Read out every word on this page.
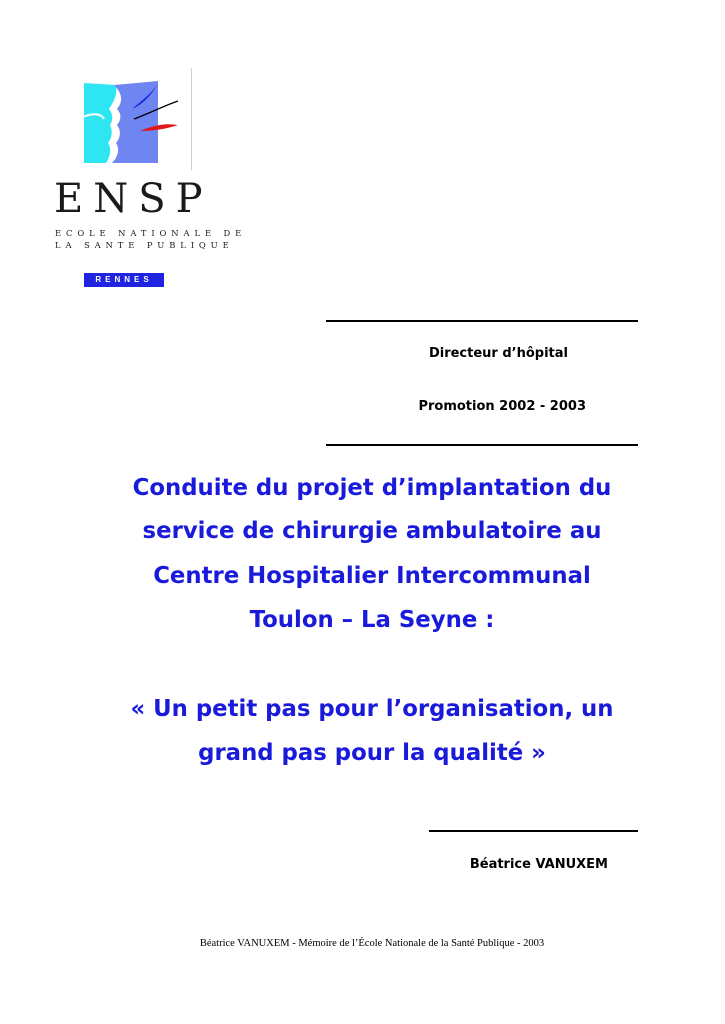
ENSP
ECOLE NATIONALE DE
LA SANTE PUBLIQUE
RENNES
Directeur d’hôpital
Promotion 2002 - 2003
Conduite du projet d’implantation du
service de chirurgie ambulatoire au
Centre Hospitalier Intercommunal
Toulon – La Seyne :
« Un petit pas pour l’organisation, un
grand pas pour la qualité »
Béatrice VANUXEM
Béatrice VANUXEM - Mémoire de l’École Nationale de la Santé Publique - 2003
